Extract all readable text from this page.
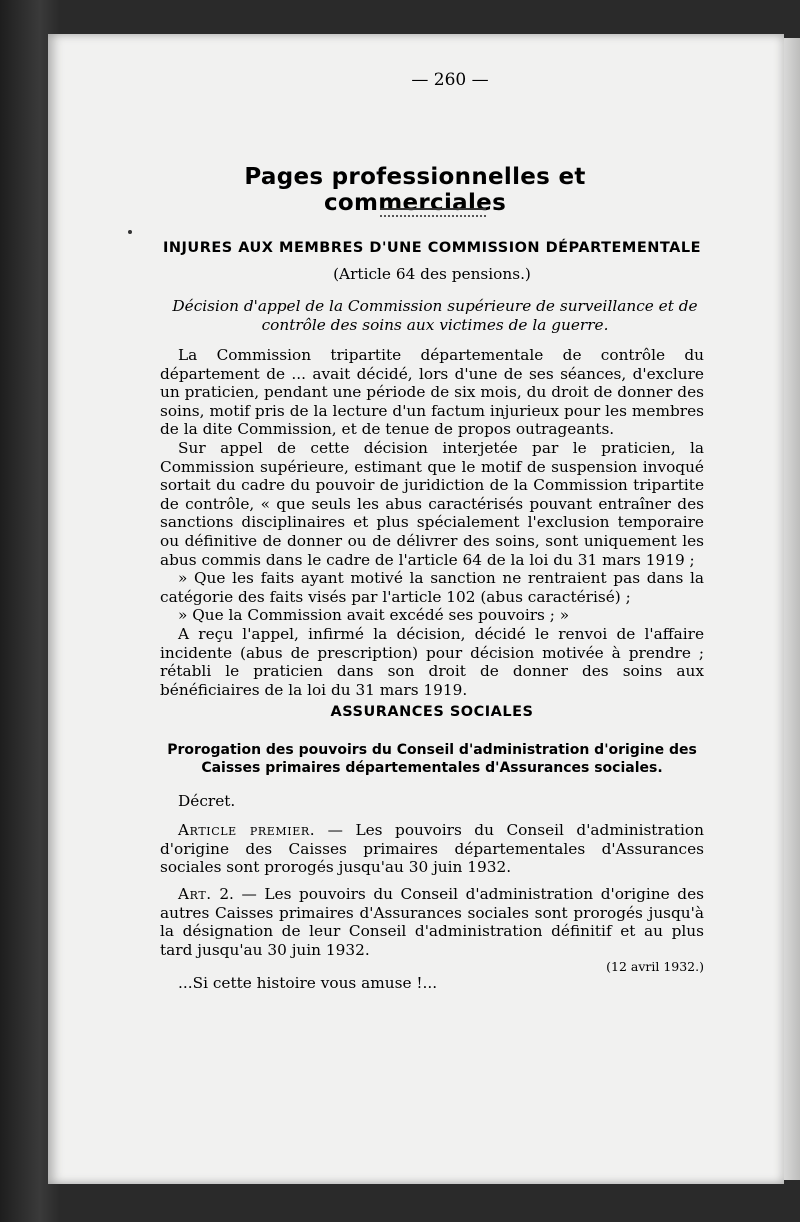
— 260 —
Pages professionnelles et commerciales
INJURES AUX MEMBRES D'UNE COMMISSION DÉPARTEMENTALE
(Article 64 des pensions.)
Décision d'appel de la Commission supérieure de surveillance et de contrôle des soins aux victimes de la guerre.

La Commission tripartite départementale de contrôle du département de ... avait décidé, lors d'une de ses séances, d'exclure un praticien, pendant une période de six mois, du droit de donner des soins, motif pris de la lecture d'un factum injurieux pour les membres de la dite Commission, et de tenue de propos outrageants.

Sur appel de cette décision interjetée par le praticien, la Commission supérieure, estimant que le motif de suspension invoqué sortait du cadre du pouvoir de juridiction de la Commission tripartite de contrôle, « que seuls les abus caractérisés pouvant entraîner des sanctions disciplinaires et plus spécialement l'exclusion temporaire ou définitive de donner ou de délivrer des soins, sont uniquement les abus commis dans le cadre de l'article 64 de la loi du 31 mars 1919 ;

» Que les faits ayant motivé la sanction ne rentraient pas dans la catégorie des faits visés par l'article 102 (abus caractérisé) ;

» Que la Commission avait excédé ses pouvoirs ; »

A reçu l'appel, infirmé la décision, décidé le renvoi de l'affaire incidente (abus de prescription) pour décision motivée à prendre ; rétabli le praticien dans son droit de donner des soins aux bénéficiaires de la loi du 31 mars 1919.

ASSURANCES SOCIALES
Prorogation des pouvoirs du Conseil d'administration d'origine des Caisses primaires départementales d'Assurances sociales.

Décret.

Article premier. — Les pouvoirs du Conseil d'administration d'origine des Caisses primaires départementales d'Assurances sociales sont prorogés jusqu'au 30 juin 1932.

Art. 2. — Les pouvoirs du Conseil d'administration d'origine des autres Caisses primaires d'Assurances sociales sont prorogés jusqu'à la désignation de leur Conseil d'administration définitif et au plus tard jusqu'au 30 juin 1932.

(12 avril 1932.)

...Si cette histoire vous amuse !...
